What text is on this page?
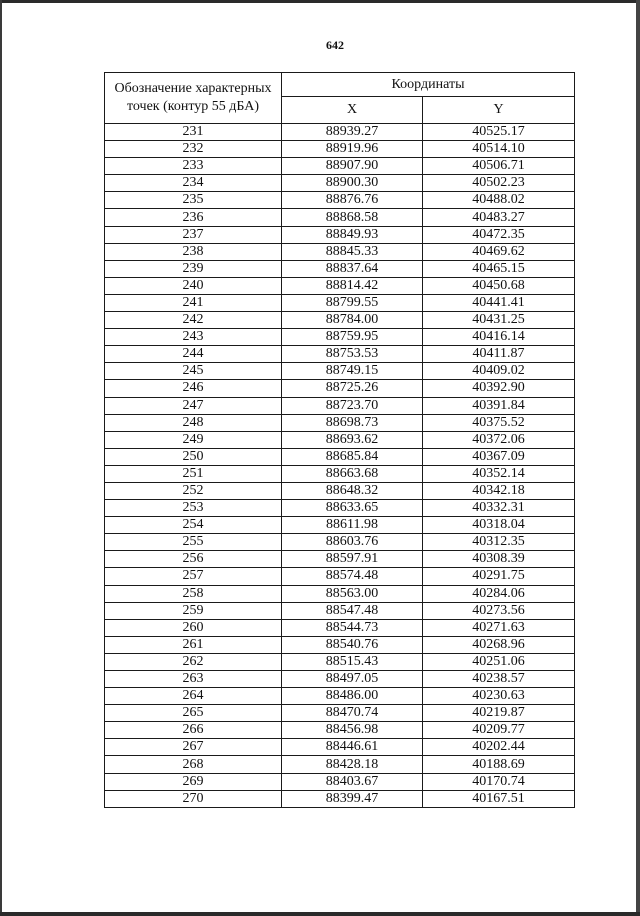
642
Обозначение характерных точек (контур 55 дБА)	Координаты	
	X	Y
231	88939.27	40525.17
232	88919.96	40514.10
233	88907.90	40506.71
234	88900.30	40502.23
235	88876.76	40488.02
236	88868.58	40483.27
237	88849.93	40472.35
238	88845.33	40469.62
239	88837.64	40465.15
240	88814.42	40450.68
241	88799.55	40441.41
242	88784.00	40431.25
243	88759.95	40416.14
244	88753.53	40411.87
245	88749.15	40409.02
246	88725.26	40392.90
247	88723.70	40391.84
248	88698.73	40375.52
249	88693.62	40372.06
250	88685.84	40367.09
251	88663.68	40352.14
252	88648.32	40342.18
253	88633.65	40332.31
254	88611.98	40318.04
255	88603.76	40312.35
256	88597.91	40308.39
257	88574.48	40291.75
258	88563.00	40284.06
259	88547.48	40273.56
260	88544.73	40271.63
261	88540.76	40268.96
262	88515.43	40251.06
263	88497.05	40238.57
264	88486.00	40230.63
265	88470.74	40219.87
266	88456.98	40209.77
267	88446.61	40202.44
268	88428.18	40188.69
269	88403.67	40170.74
270	88399.47	40167.51
